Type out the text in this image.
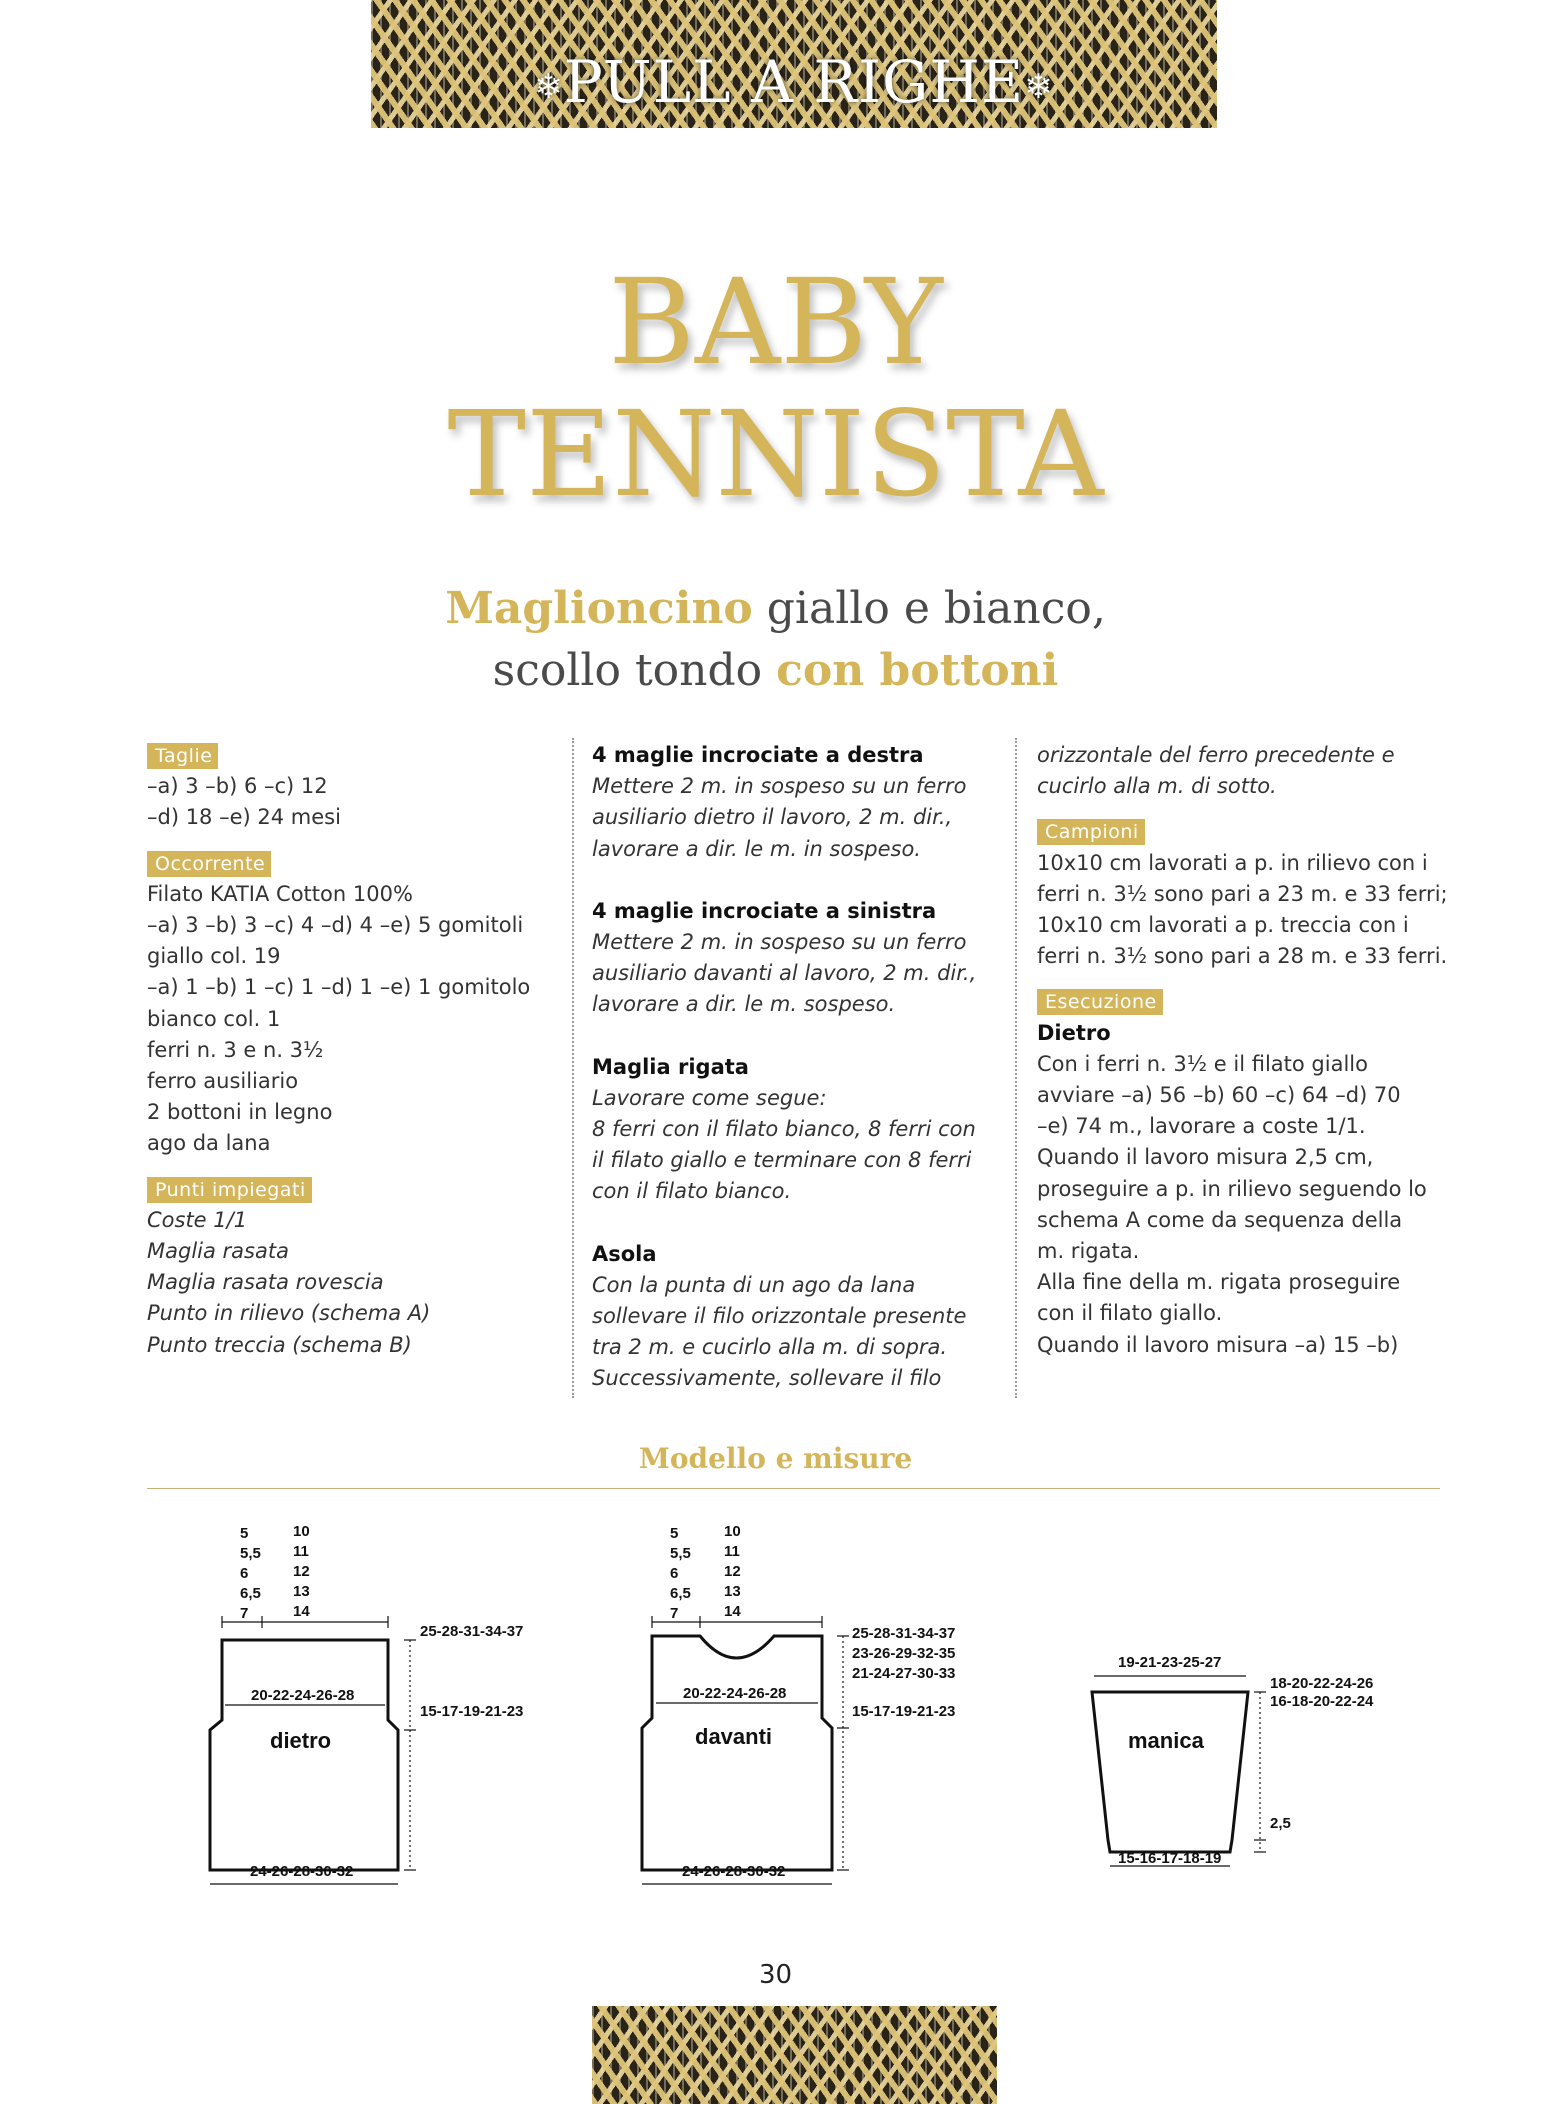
❄PULL A RIGHE❄
BABY
TENNISTA
Maglioncino giallo e bianco,
scollo tondo con bottoni
Taglie
–a) 3 –b) 6 –c) 12
–d) 18 –e) 24 mesi
Occorrente
Filato KATIA Cotton 100%
–a) 3 –b) 3 –c) 4 –d) 4 –e) 5 gomitoli
giallo col. 19
–a) 1 –b) 1 –c) 1 –d) 1 –e) 1 gomitolo
bianco col. 1
ferri n. 3 e n. 3½
ferro ausiliario
2 bottoni in legno
ago da lana
Punti impiegati
Coste 1/1
Maglia rasata
Maglia rasata rovescia
Punto in rilievo (schema A)
Punto treccia (schema B)
4 maglie incrociate a destra
Mettere 2 m. in sospeso su un ferro
ausiliario dietro il lavoro, 2 m. dir.,
lavorare a dir. le m. in sospeso.
4 maglie incrociate a sinistra
Mettere 2 m. in sospeso su un ferro
ausiliario davanti al lavoro, 2 m. dir.,
lavorare a dir. le m. sospeso.
Maglia rigata
Lavorare come segue:
8 ferri con il filato bianco, 8 ferri con
il filato giallo e terminare con 8 ferri
con il filato bianco.
Asola
Con la punta di un ago da lana
sollevare il filo orizzontale presente
tra 2 m. e cucirlo alla m. di sopra.
Successivamente, sollevare il filo
orizzontale del ferro precedente e
cucirlo alla m. di sotto.
Campioni
10x10 cm lavorati a p. in rilievo con i
ferri n. 3½ sono pari a 23 m. e 33 ferri;
10x10 cm lavorati a p. treccia con i
ferri n. 3½ sono pari a 28 m. e 33 ferri.
Esecuzione
Dietro
Con i ferri n. 3½ e il filato giallo
avviare –a) 56 –b) 60 –c) 64 –d) 70
–e) 74 m., lavorare a coste 1/1.
Quando il lavoro misura 2,5 cm,
proseguire a p. in rilievo seguendo lo
schema A come da sequenza della
m. rigata.
Alla fine della m. rigata proseguire
con il filato giallo.
Quando il lavoro misura –a) 15 –b)
Modello e misure
5
5,5
6
6,5
7
10
11
12
13
14
25-28-31-34-37
20-22-24-26-28
15-17-19-21-23
24-26-28-30-32
dietro
5
5,5
6
6,5
7
10
11
12
13
14
25-28-31-34-37
23-26-29-32-35
21-24-27-30-33
20-22-24-26-28
15-17-19-21-23
24-26-28-30-32
davanti
19-21-23-25-27
18-20-22-24-26
16-18-20-22-24
2,5
15-16-17-18-19
manica
30
